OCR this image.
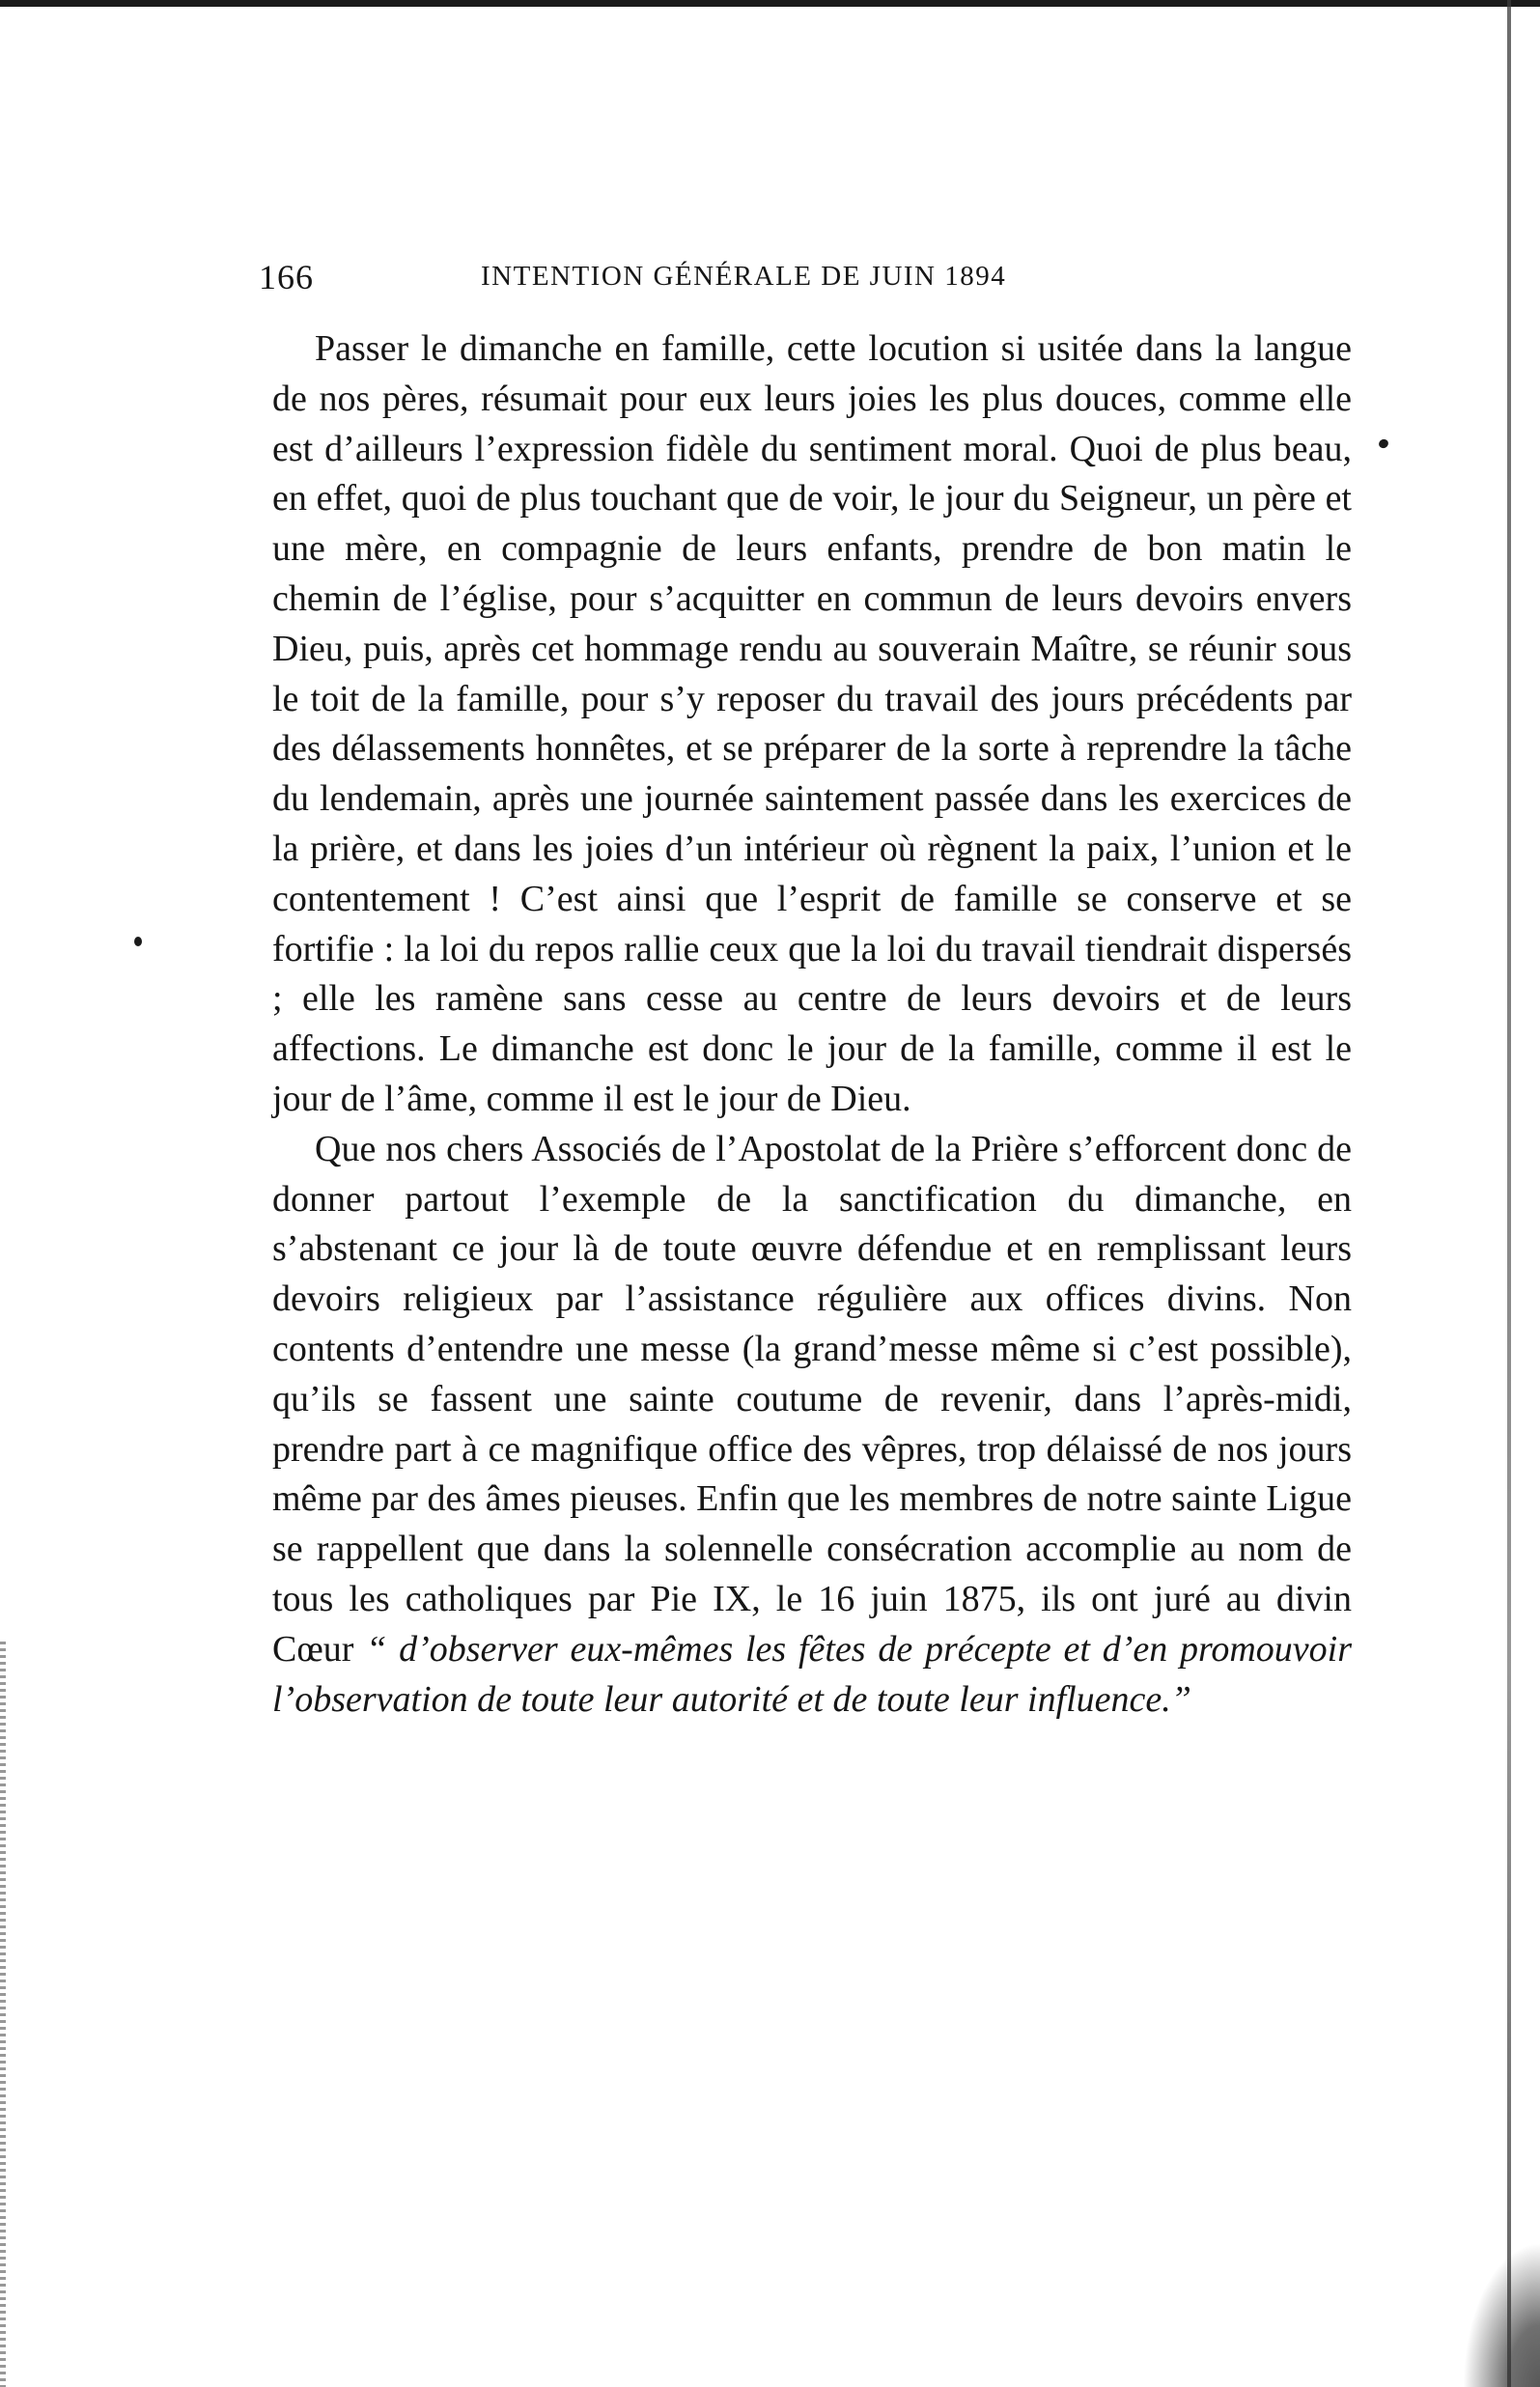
166	INTENTION GÉNÉRALE DE JUIN 1894

Passer le dimanche en famille, cette locution si usitée dans la langue de nos pères, résumait pour eux leurs joies les plus douces, comme elle est d’ailleurs l’expression fidèle du sentiment moral. Quoi de plus beau, en effet, quoi de plus touchant que de voir, le jour du Seigneur, un père et une mère, en compagnie de leurs enfants, prendre de bon matin le chemin de l’église, pour s’acquitter en commun de leurs devoirs envers Dieu, puis, après cet hommage rendu au souverain Maître, se réunir sous le toit de la famille, pour s’y reposer du travail des jours précédents par des délassements honnêtes, et se préparer de la sorte à reprendre la tâche du lendemain, après une journée saintement passée dans les exercices de la prière, et dans les joies d’un intérieur où règnent la paix, l’union et le contentement ! C’est ainsi que l’esprit de famille se conserve et se fortifie : la loi du repos rallie ceux que la loi du travail tiendrait dispersés ; elle les ramène sans cesse au centre de leurs devoirs et de leurs affections. Le dimanche est donc le jour de la famille, comme il est le jour de l’âme, comme il est le jour de Dieu.

Que nos chers Associés de l’Apostolat de la Prière s’efforcent donc de donner partout l’exemple de la sanctification du dimanche, en s’abstenant ce jour là de toute œuvre défendue et en remplissant leurs devoirs religieux par l’assistance régulière aux offices divins. Non contents d’entendre une messe (la grand’messe même si c’est possible), qu’ils se fassent une sainte coutume de revenir, dans l’après-midi, prendre part à ce magnifique office des vêpres, trop délaissé de nos jours même par des âmes pieuses. Enfin que les membres de notre sainte Ligue se rappellent que dans la solennelle consécration accomplie au nom de tous les catholiques par Pie IX, le 16 juin 1875, ils ont juré au divin Cœur “ d’observer eux-mêmes les fêtes de précepte et d’en promouvoir l’observation de toute leur autorité et de toute leur influence.”
